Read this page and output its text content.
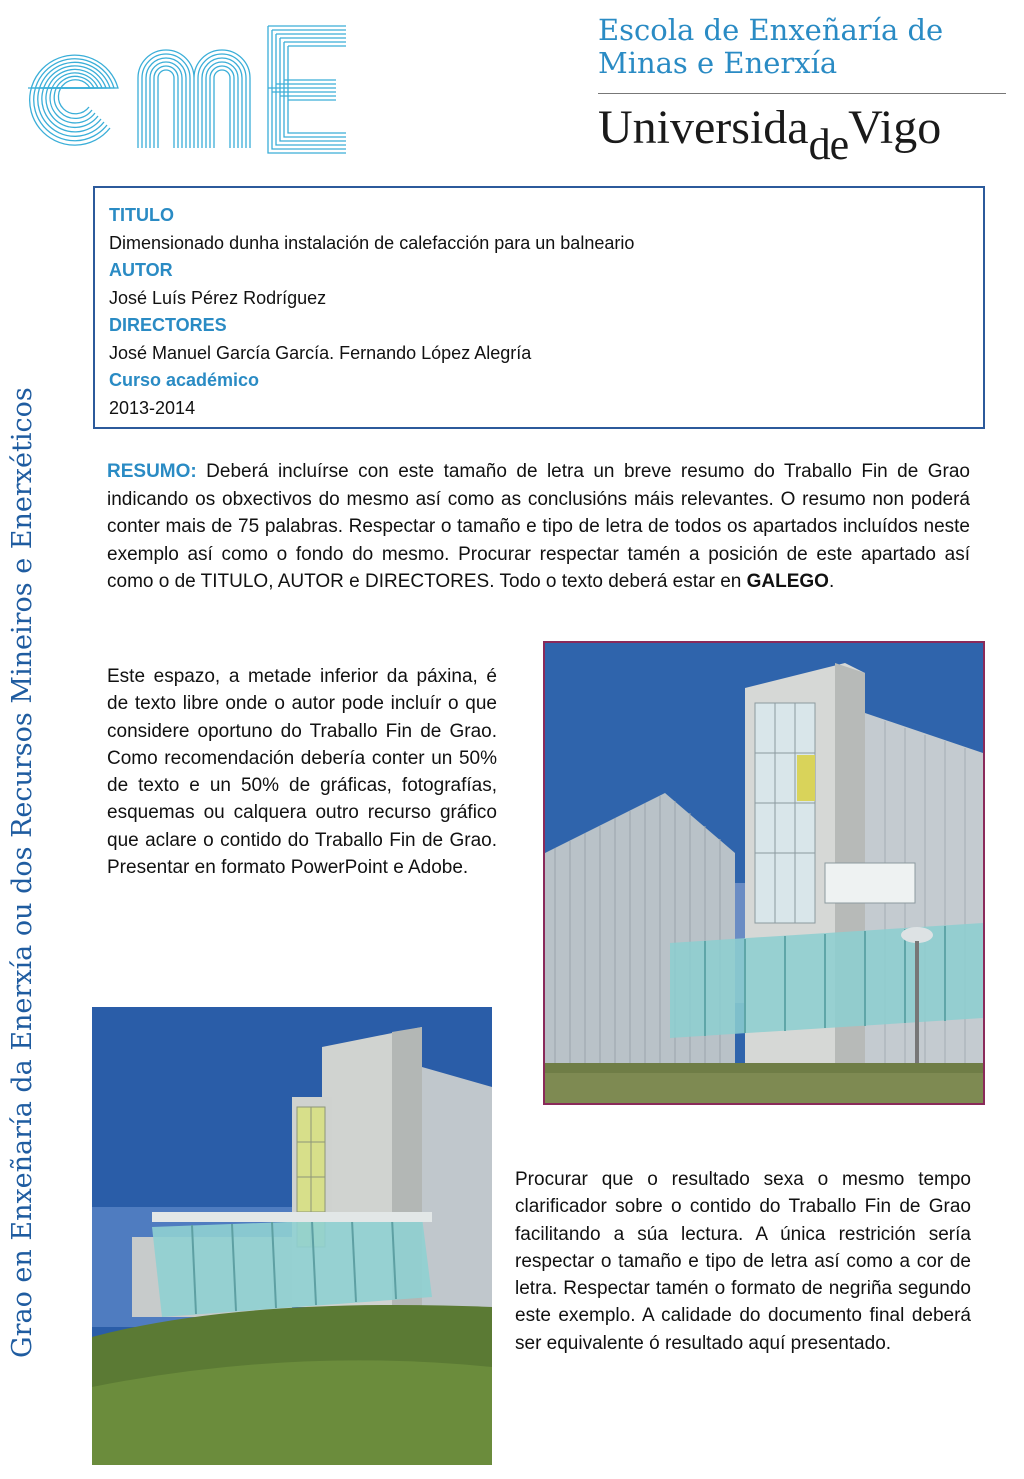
Escola de Enxeñaría de
Minas e Enerxía
UniversidadeVigo
Grao en Enxeñaría da Enerxía ou dos Recursos Mineiros e Enerxéticos
TITULO
Dimensionado dunha instalación de calefacción para un balneario
AUTOR
José Luís Pérez Rodríguez
DIRECTORES
José Manuel García García. Fernando López Alegría
Curso académico
2013-2014
RESUMO: Deberá incluírse con este tamaño de letra un breve resumo do Traballo Fin de Grao indicando os obxectivos do mesmo así como as conclusións máis relevantes. O resumo non poderá conter mais de 75 palabras. Respectar o tamaño e tipo de letra de todos os apartados incluídos neste exemplo así como o fondo do mesmo. Procurar respectar tamén a posición de este apartado así como o de TITULO, AUTOR e DIRECTORES. Todo o texto deberá estar en GALEGO.
Este espazo, a metade inferior da páxina, é de texto libre onde o autor pode incluír o que considere oportuno do Traballo Fin de Grao. Como recomendación debería conter un 50% de texto e un 50% de gráficas, fotografías, esquemas ou calquera outro recurso gráfico que aclare o contido do Traballo Fin de Grao. Presentar en formato PowerPoint e Adobe.
Procurar que o resultado sexa o mesmo tempo clarificador sobre o contido do Traballo Fin de Grao facilitando a súa lectura. A única restrición sería respectar o tamaño e tipo de letra así como a cor de letra. Respectar tamén o formato de negriña segundo este exemplo. A calidade do documento final deberá ser equivalente ó resultado aquí presentado.
